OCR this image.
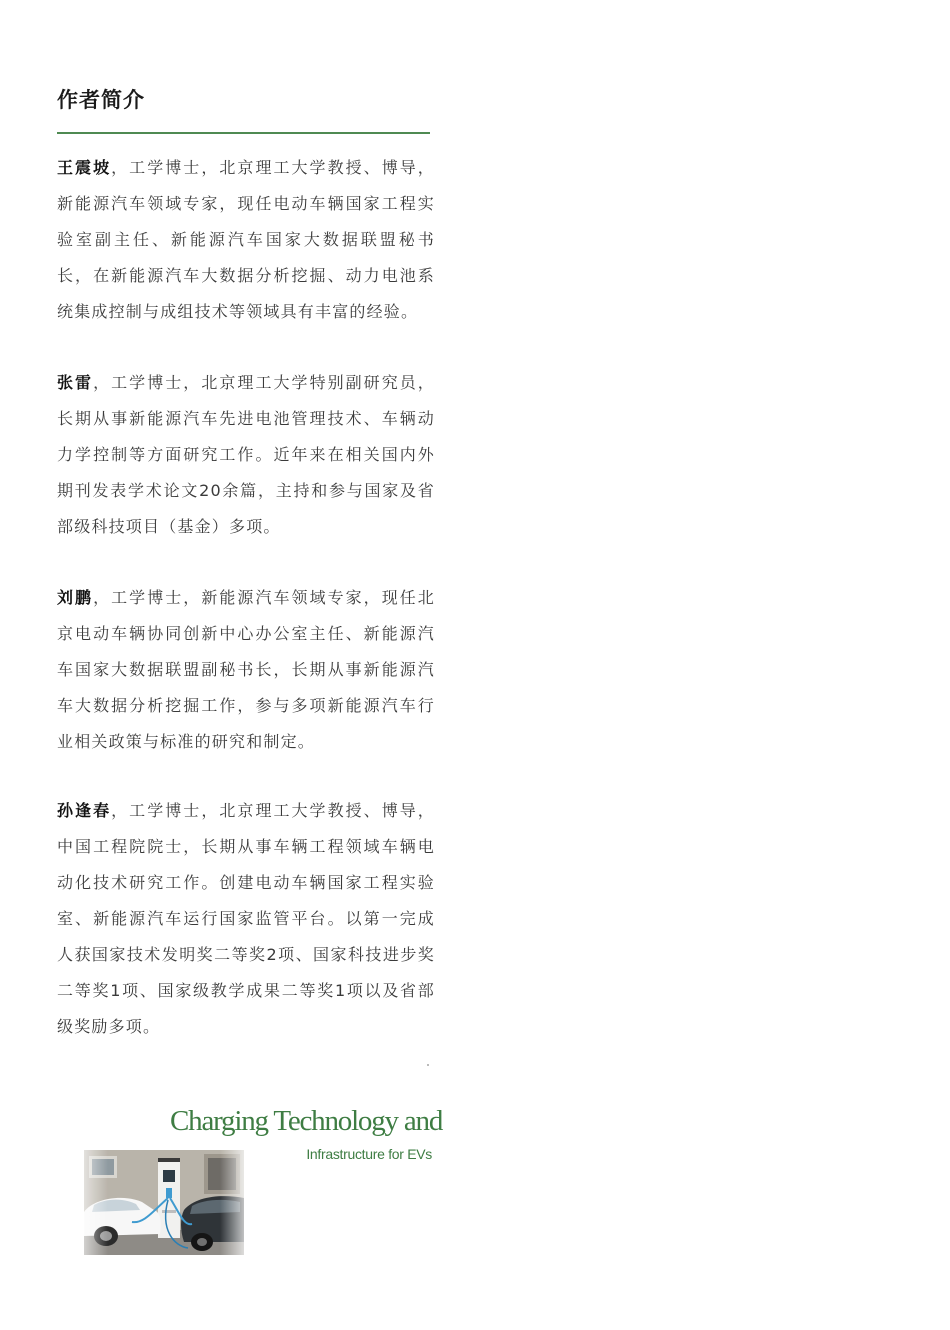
作者简介

王震坡，工学博士，北京理工大学教授、博导，新能源汽车领域专家，现任电动车辆国家工程实验室副主任、新能源汽车国家大数据联盟秘书长，在新能源汽车大数据分析挖掘、动力电池系统集成控制与成组技术等领域具有丰富的经验。

张雷，工学博士，北京理工大学特别副研究员，长期从事新能源汽车先进电池管理技术、车辆动力学控制等方面研究工作。近年来在相关国内外期刊发表学术论文20余篇，主持和参与国家及省部级科技项目（基金）多项。

刘鹏，工学博士，新能源汽车领域专家，现任北京电动车辆协同创新中心办公室主任、新能源汽车国家大数据联盟副秘书长，长期从事新能源汽车大数据分析挖掘工作，参与多项新能源汽车行业相关政策与标准的研究和制定。

孙逢春，工学博士，北京理工大学教授、博导，中国工程院院士，长期从事车辆工程领域车辆电动化技术研究工作。创建电动车辆国家工程实验室、新能源汽车运行国家监管平台。以第一完成人获国家技术发明奖二等奖2项、国家科技进步奖二等奖1项、国家级教学成果二等奖1项以及省部级奖励多项。

Charging Technology and
Infrastructure for EVs
